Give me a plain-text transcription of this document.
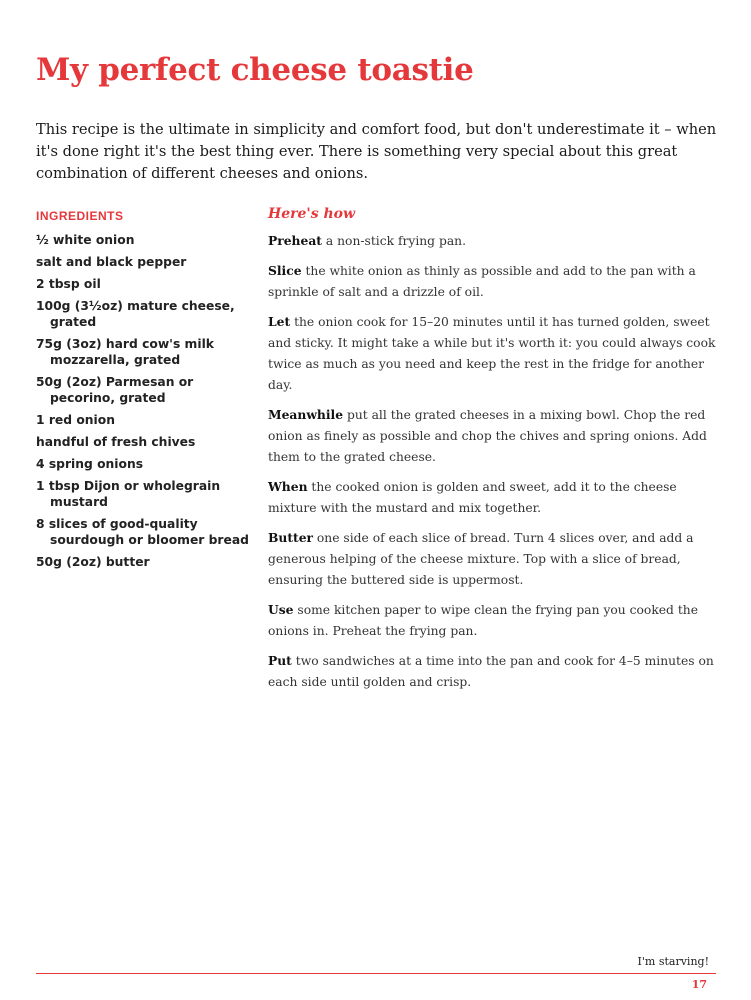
My perfect cheese toastie

This recipe is the ultimate in simplicity and comfort food, but don't underestimate it – when it's done right it's the best thing ever. There is something very special about this great combination of different cheeses and onions.

INGREDIENTS
½ white onion
salt and black pepper
2 tbsp oil
100g (3½oz) mature cheese, grated
75g (3oz) hard cow's milk mozzarella, grated
50g (2oz) Parmesan or pecorino, grated
1 red onion
handful of fresh chives
4 spring onions
1 tbsp Dijon or wholegrain mustard
8 slices of good-quality sourdough or bloomer bread
50g (2oz) butter
Here's how

Preheat a non-stick frying pan.

Slice the white onion as thinly as possible and add to the pan with a sprinkle of salt and a drizzle of oil.

Let the onion cook for 15–20 minutes until it has turned golden, sweet and sticky. It might take a while but it's worth it: you could always cook twice as much as you need and keep the rest in the fridge for another day.

Meanwhile put all the grated cheeses in a mixing bowl. Chop the red onion as finely as possible and chop the chives and spring onions. Add them to the grated cheese.

When the cooked onion is golden and sweet, add it to the cheese mixture with the mustard and mix together.

Butter one side of each slice of bread. Turn 4 slices over, and add a generous helping of the cheese mixture. Top with a slice of bread, ensuring the buttered side is uppermost.

Use some kitchen paper to wipe clean the frying pan you cooked the onions in. Preheat the frying pan.

Put two sandwiches at a time into the pan and cook for 4–5 minutes on each side until golden and crisp.

I'm starving!
17
